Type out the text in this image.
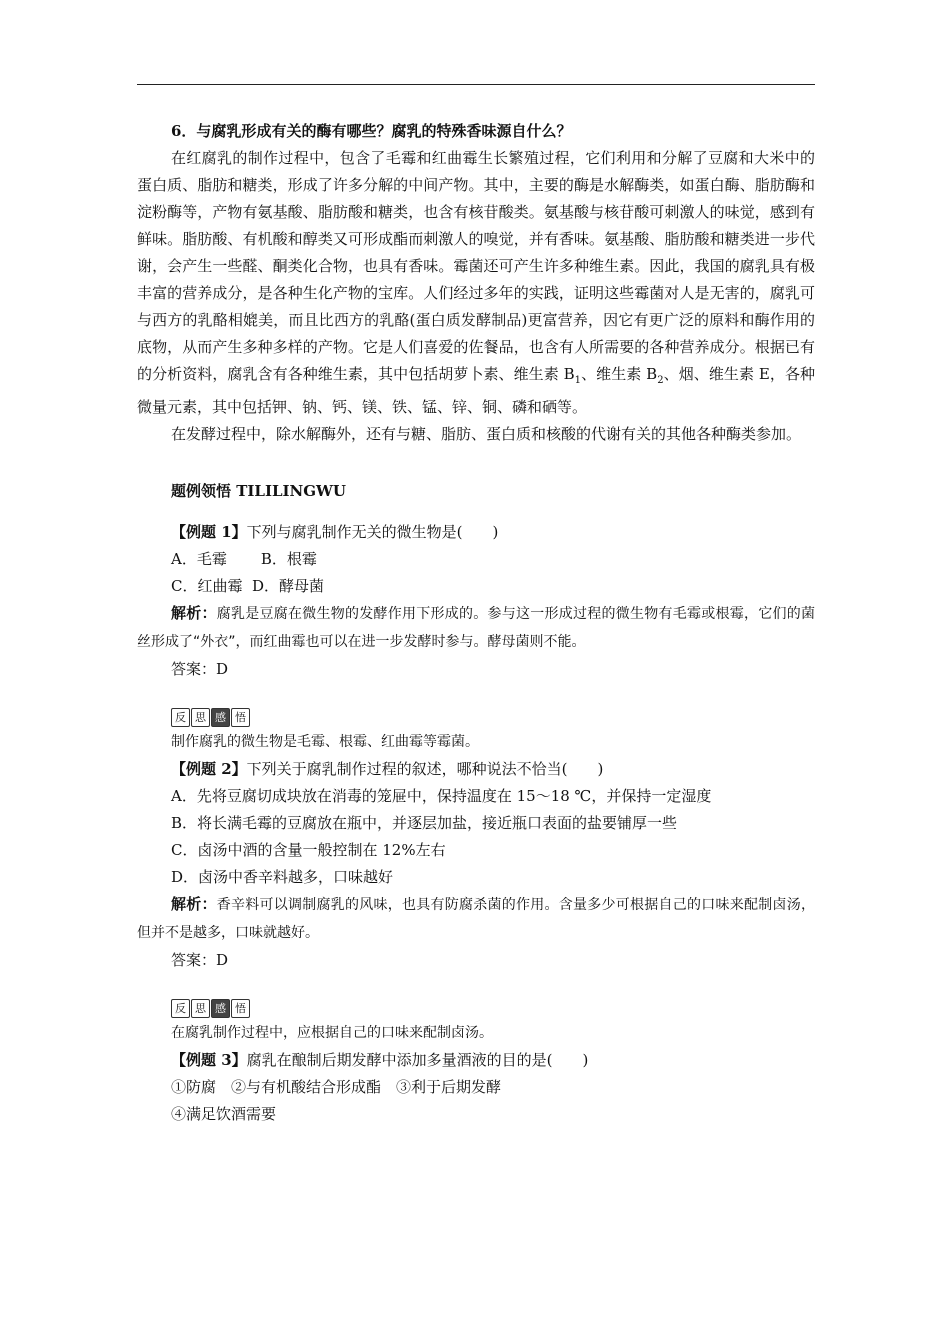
6．与腐乳形成有关的酶有哪些？腐乳的特殊香味源自什么？

在红腐乳的制作过程中，包含了毛霉和红曲霉生长繁殖过程，它们利用和分解了豆腐和大米中的蛋白质、脂肪和糖类，形成了许多分解的中间产物。其中，主要的酶是水解酶类，如蛋白酶、脂肪酶和淀粉酶等，产物有氨基酸、脂肪酸和糖类，也含有核苷酸类。氨基酸与核苷酸可刺激人的味觉，感到有鲜味。脂肪酸、有机酸和醇类又可形成酯而刺激人的嗅觉，并有香味。氨基酸、脂肪酸和糖类进一步代谢，会产生一些醛、酮类化合物，也具有香味。霉菌还可产生许多种维生素。因此，我国的腐乳具有极丰富的营养成分，是各种生化产物的宝库。人们经过多年的实践，证明这些霉菌对人是无害的，腐乳可与西方的乳酪相媲美，而且比西方的乳酪(蛋白质发酵制品)更富营养，因它有更广泛的原料和酶作用的底物，从而产生多种多样的产物。它是人们喜爱的佐餐品，也含有人所需要的各种营养成分。根据已有的分析资料，腐乳含有各种维生素，其中包括胡萝卜素、维生素 $B_1$、维生素 $B_2$、烟、维生素 E，各种微量元素，其中包括钾、钠、钙、镁、铁、锰、锌、铜、磷和硒等。

在发酵过程中，除水解酶外，还有与糖、脂肪、蛋白质和核酸的代谢有关的其他各种酶类参加。

题例领悟 TILILINGWU

【例题 1】下列与腐乳制作无关的微生物是(　　)

A．毛霉 B．根霉

C．红曲霉 D．酵母菌

解析：腐乳是豆腐在微生物的发酵作用下形成的。参与这一形成过程的微生物有毛霉或根霉，它们的菌丝形成了“外衣”，而红曲霉也可以在进一步发酵时参与。酵母菌则不能。

答案：D

反 思 感 悟

制作腐乳的微生物是毛霉、根霉、红曲霉等霉菌。

【例题 2】下列关于腐乳制作过程的叙述，哪种说法不恰当(　　)

A．先将豆腐切成块放在消毒的笼屉中，保持温度在 15～18 ℃，并保持一定湿度

B．将长满毛霉的豆腐放在瓶中，并逐层加盐，接近瓶口表面的盐要铺厚一些

C．卤汤中酒的含量一般控制在 12%左右

D．卤汤中香辛料越多，口味越好

解析：香辛料可以调制腐乳的风味，也具有防腐杀菌的作用。含量多少可根据自己的口味来配制卤汤，但并不是越多，口味就越好。

答案：D

反 思 感 悟

在腐乳制作过程中，应根据自己的口味来配制卤汤。

【例题 3】腐乳在酿制后期发酵中添加多量酒液的目的是(　　)

①防腐　②与有机酸结合形成酯　③利于后期发酵

④满足饮酒需要
